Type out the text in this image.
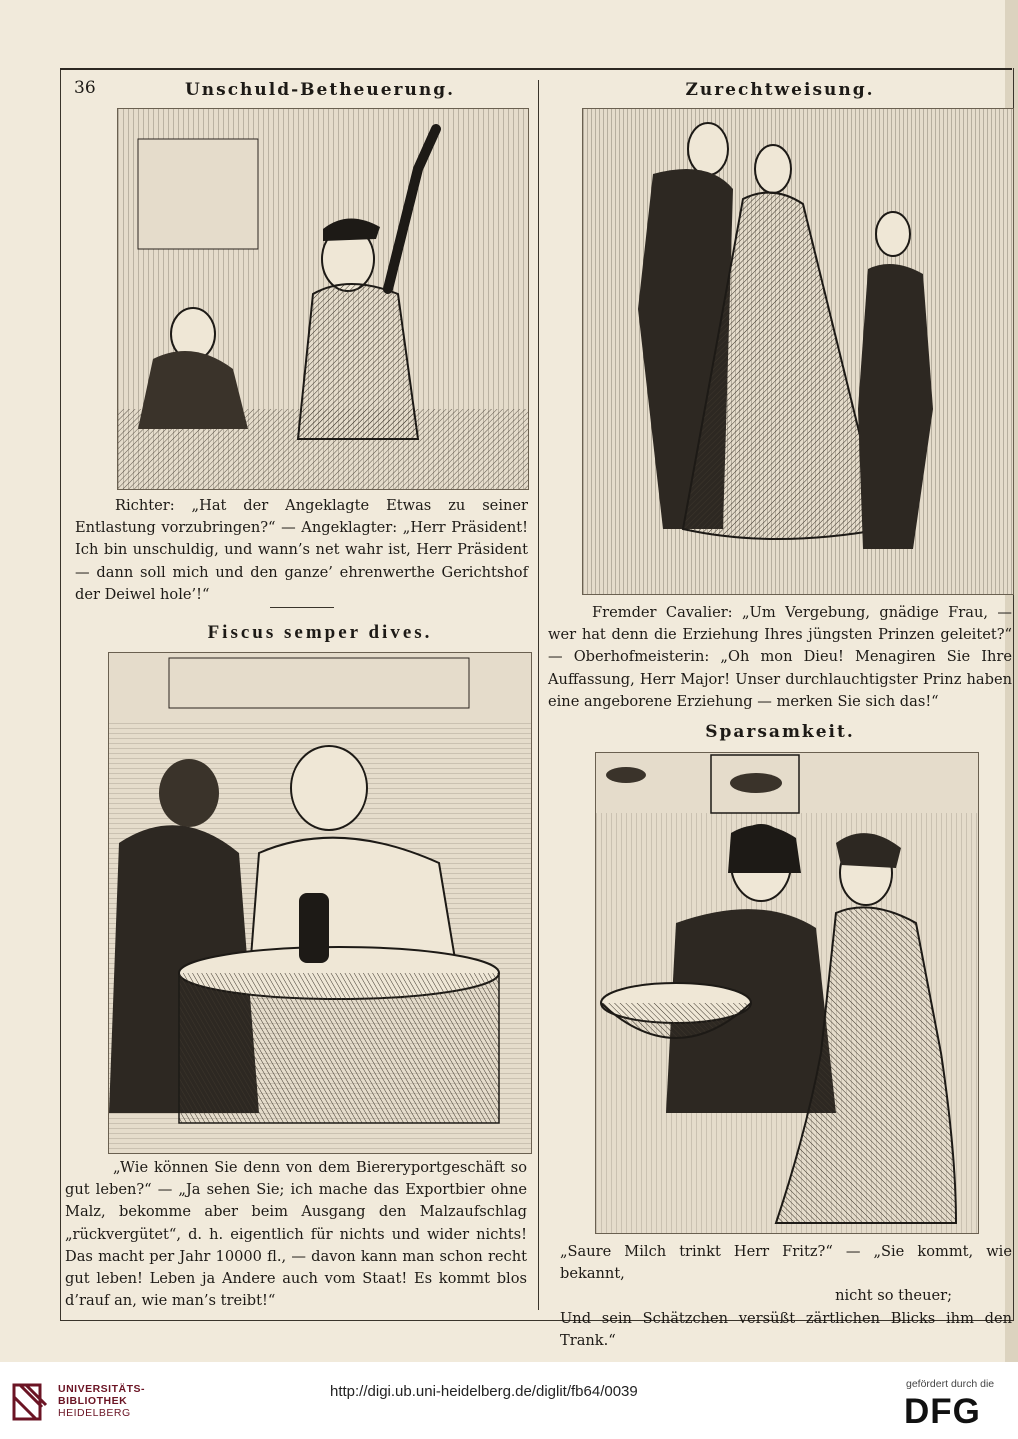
36	Unschuld-Betheuerung.
Richter: „Hat der Angeklagte Etwas zu seiner Entlastung vorzubringen?“ — Angeklagter: „Herr Präsident! Ich bin unschuldig, und wann’s net wahr ist, Herr Präsident — dann soll mich und den ganze’ ehrenwerthe Gerichtshof der Deiwel hole’!“
Fiscus semper dives.
„Wie können Sie denn von dem Biereryportgeschäft so gut leben?“ — „Ja sehen Sie; ich mache das Exportbier ohne Malz, bekomme aber beim Ausgang den Malzaufschlag „rückvergütet“, d. h. eigentlich für nichts und wider nichts! Das macht per Jahr 10000 fl., — davon kann man schon recht gut leben! Leben ja Andere auch vom Staat! Es kommt blos d’rauf an, wie man’s treibt!“
Zurechtweisung.
Fremder Cavalier: „Um Vergebung, gnädige Frau, — wer hat denn die Erziehung Ihres jüngsten Prinzen geleitet?“ — Oberhofmeisterin: „Oh mon Dieu! Menagiren Sie Ihre Auffassung, Herr Major! Unser durchlauchtigster Prinz haben eine angeborene Erziehung — merken Sie sich das!“
Sparsamkeit.

„Saure Milch trinkt Herr Fritz?“ — „Sie kommt, wie bekannt,

nicht so theuer;

Und sein Schätzchen versüßt zärtlichen Blicks ihm den Trank.“

UNIVERSITÄTS-
BIBLIOTHEK
HEIDELBERG
http://digi.ub.uni-heidelberg.de/diglit/fb64/0039	gefördert durch die
DFG
